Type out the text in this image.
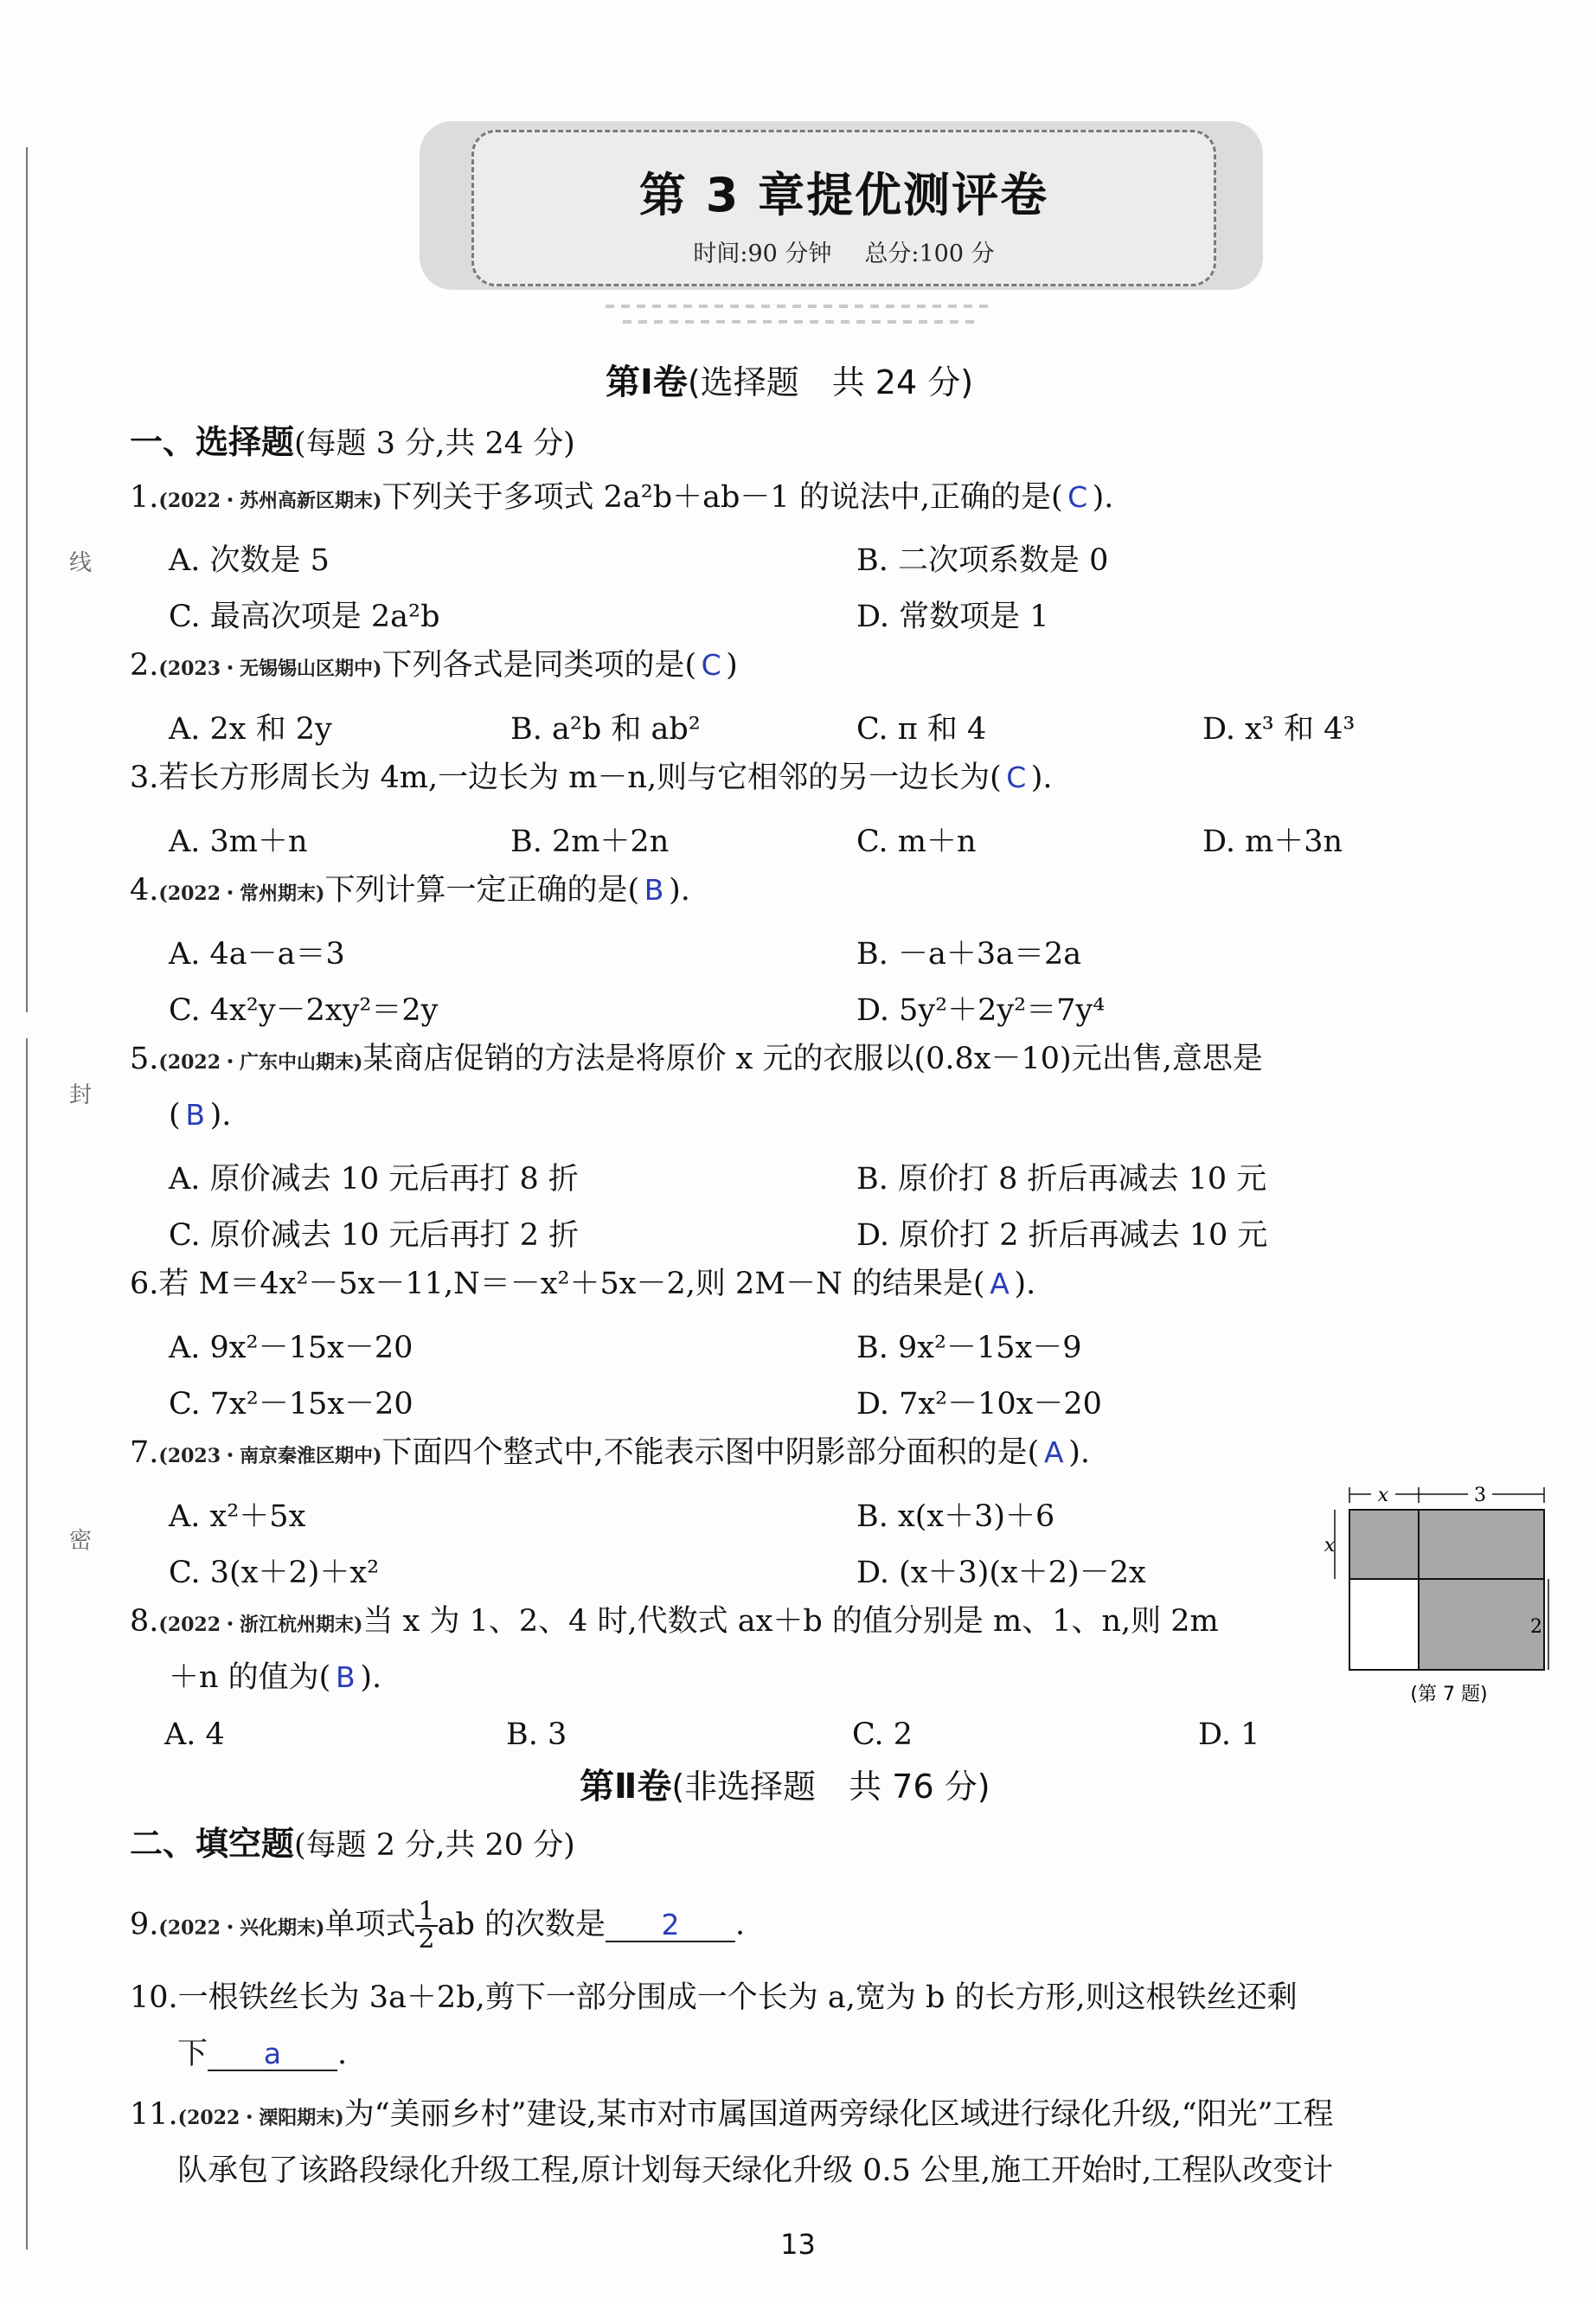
线
封
密
第 3 章提优测评卷
时间:90 分钟 总分:100 分
第Ⅰ卷(选择题　共 24 分)
一、选择题(每题 3 分,共 24 分)
1.(2022・苏州高新区期末)下列关于多项式 2a²b＋ab－1 的说法中,正确的是( C ).
A. 次数是 5	B. 二次项系数是 0
C. 最高次项是 2a²b	D. 常数项是 1
2.(2023・无锡锡山区期中)下列各式是同类项的是( C )
A. 2x 和 2y	B. a²b 和 ab²	C. π 和 4	D. x³ 和 4³
3.若长方形周长为 4m,一边长为 m－n,则与它相邻的另一边长为( C ).
A. 3m＋n	B. 2m＋2n	C. m＋n	D. m＋3n
4.(2022・常州期末)下列计算一定正确的是( B ).
A. 4a－a＝3	B. －a＋3a＝2a
C. 4x²y－2xy²＝2y	D. 5y²＋2y²＝7y⁴
5.(2022・广东中山期末)某商店促销的方法是将原价 x 元的衣服以(0.8x－10)元出售,意思是
( B ).
A. 原价减去 10 元后再打 8 折	B. 原价打 8 折后再减去 10 元
C. 原价减去 10 元后再打 2 折	D. 原价打 2 折后再减去 10 元
6.若 M＝4x²－5x－11,N＝－x²＋5x－2,则 2M－N 的结果是( A ).
A. 9x²－15x－20	B. 9x²－15x－9
C. 7x²－15x－20	D. 7x²－10x－20
7.(2023・南京秦淮区期中)下面四个整式中,不能表示图中阴影部分面积的是( A ).
A. x²＋5x	B. x(x＋3)＋6
C. 3(x＋2)＋x²	D. (x＋3)(x＋2)－2x
x	3
x
2
(第 7 题)
8.(2022・浙江杭州期末)当 x 为 1、2、4 时,代数式 ax＋b 的值分别是 m、1、n,则 2m
＋n 的值为( B ).
A. 4	B. 3	C. 2	D. 1
第Ⅱ卷(非选择题　共 76 分)
二、填空题(每题 2 分,共 20 分)
9.(2022・兴化期末)单项式 $\frac{1}{2}$ ab 的次数是 2 .
10.一根铁丝长为 3a＋2b,剪下一部分围成一个长为 a,宽为 b 的长方形,则这根铁丝还剩
下 a .
11.(2022・溧阳期末)为“美丽乡村”建设,某市对市属国道两旁绿化区域进行绿化升级,“阳光”工程
队承包了该路段绿化升级工程,原计划每天绿化升级 0.5 公里,施工开始时,工程队改变计
13
